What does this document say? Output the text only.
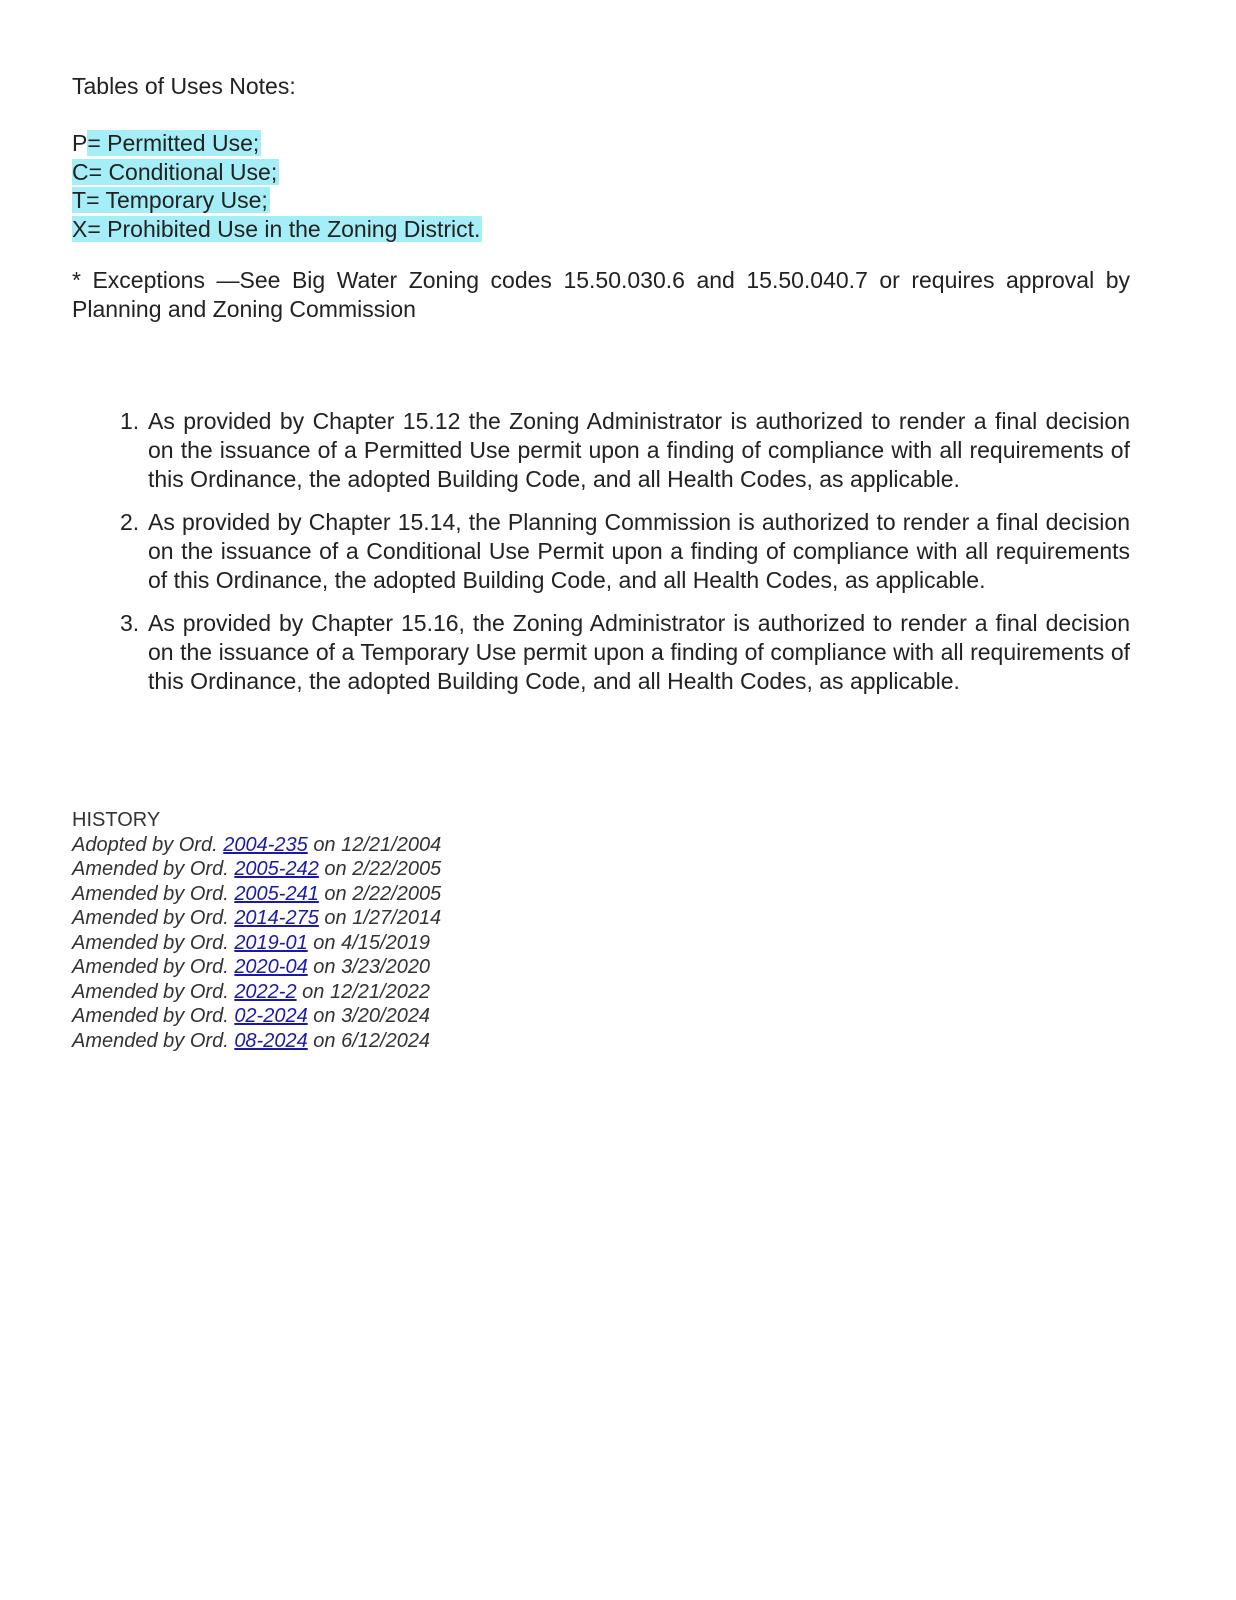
Tables of Uses Notes:
P= Permitted Use;
C= Conditional Use;
T= Temporary Use;
X= Prohibited Use in the Zoning District.
* Exceptions —See Big Water Zoning codes 15.50.030.6 and 15.50.040.7 or requires approval by Planning and Zoning Commission
1. As provided by Chapter 15.12 the Zoning Administrator is authorized to render a final decision on the issuance of a Permitted Use permit upon a finding of compliance with all requirements of this Ordinance, the adopted Building Code, and all Health Codes, as applicable.
2. As provided by Chapter 15.14, the Planning Commission is authorized to render a final decision on the issuance of a Conditional Use Permit upon a finding of compliance with all requirements of this Ordinance, the adopted Building Code, and all Health Codes, as applicable.
3. As provided by Chapter 15.16, the Zoning Administrator is authorized to render a final decision on the issuance of a Temporary Use permit upon a finding of compliance with all requirements of this Ordinance, the adopted Building Code, and all Health Codes, as applicable.
HISTORY
Adopted by Ord. 2004-235 on 12/21/2004
Amended by Ord. 2005-242 on 2/22/2005
Amended by Ord. 2005-241 on 2/22/2005
Amended by Ord. 2014-275 on 1/27/2014
Amended by Ord. 2019-01 on 4/15/2019
Amended by Ord. 2020-04 on 3/23/2020
Amended by Ord. 2022-2 on 12/21/2022
Amended by Ord. 02-2024 on 3/20/2024
Amended by Ord. 08-2024 on 6/12/2024
